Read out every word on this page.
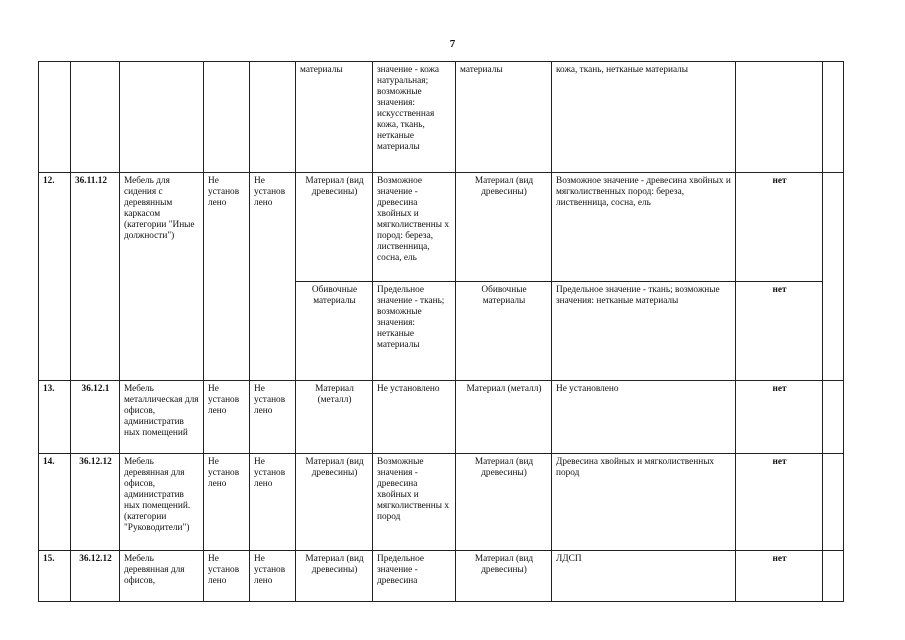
7
					материалы	значение - кожа натуральная; возможные значения: искусственная кожа, ткань, нетканые материалы	материалы	кожа, ткань, нетканые материалы		
12.	36.11.12	Мебель для сидения с деревянным каркасом (категории "Иные должности")	Не установ лено	Не установ лено	Материал (вид древесины)	Возможное значение - древесина хвойных и мягколиственны х пород: береза, лиственница, сосна, ель	Материал (вид древесины)	Возможное значение - древесина хвойных и мягколиственных пород: береза, лиственница, сосна, ель	нет	
					Обивочные материалы	Предельное значение - ткань; возможные значения: нетканые материалы	Обивочные материалы	Предельное значение - ткань; возможные значения: нетканые материалы	нет	
13.	36.12.1	Мебель металлическая для офисов, административ ных помещений	Не установ лено	Не установ лено	Материал (металл)	Не установлено	Материал (металл)	Не установлено	нет	
14.	36.12.12	Мебель деревянная для офисов, административ ных помещений. (категории "Руководители")	Не установ лено	Не установ лено	Материал (вид древесины)	Возможные значения - древесина хвойных и мягколиственны х пород	Материал (вид древесины)	Древесина хвойных и мягколиственных пород	нет	
15.	36.12.12	Мебель деревянная для офисов,	Не установ лено	Не установ лено	Материал (вид древесины)	Предельное значение - древесина	Материал (вид древесины)	ЛДСП	нет	
